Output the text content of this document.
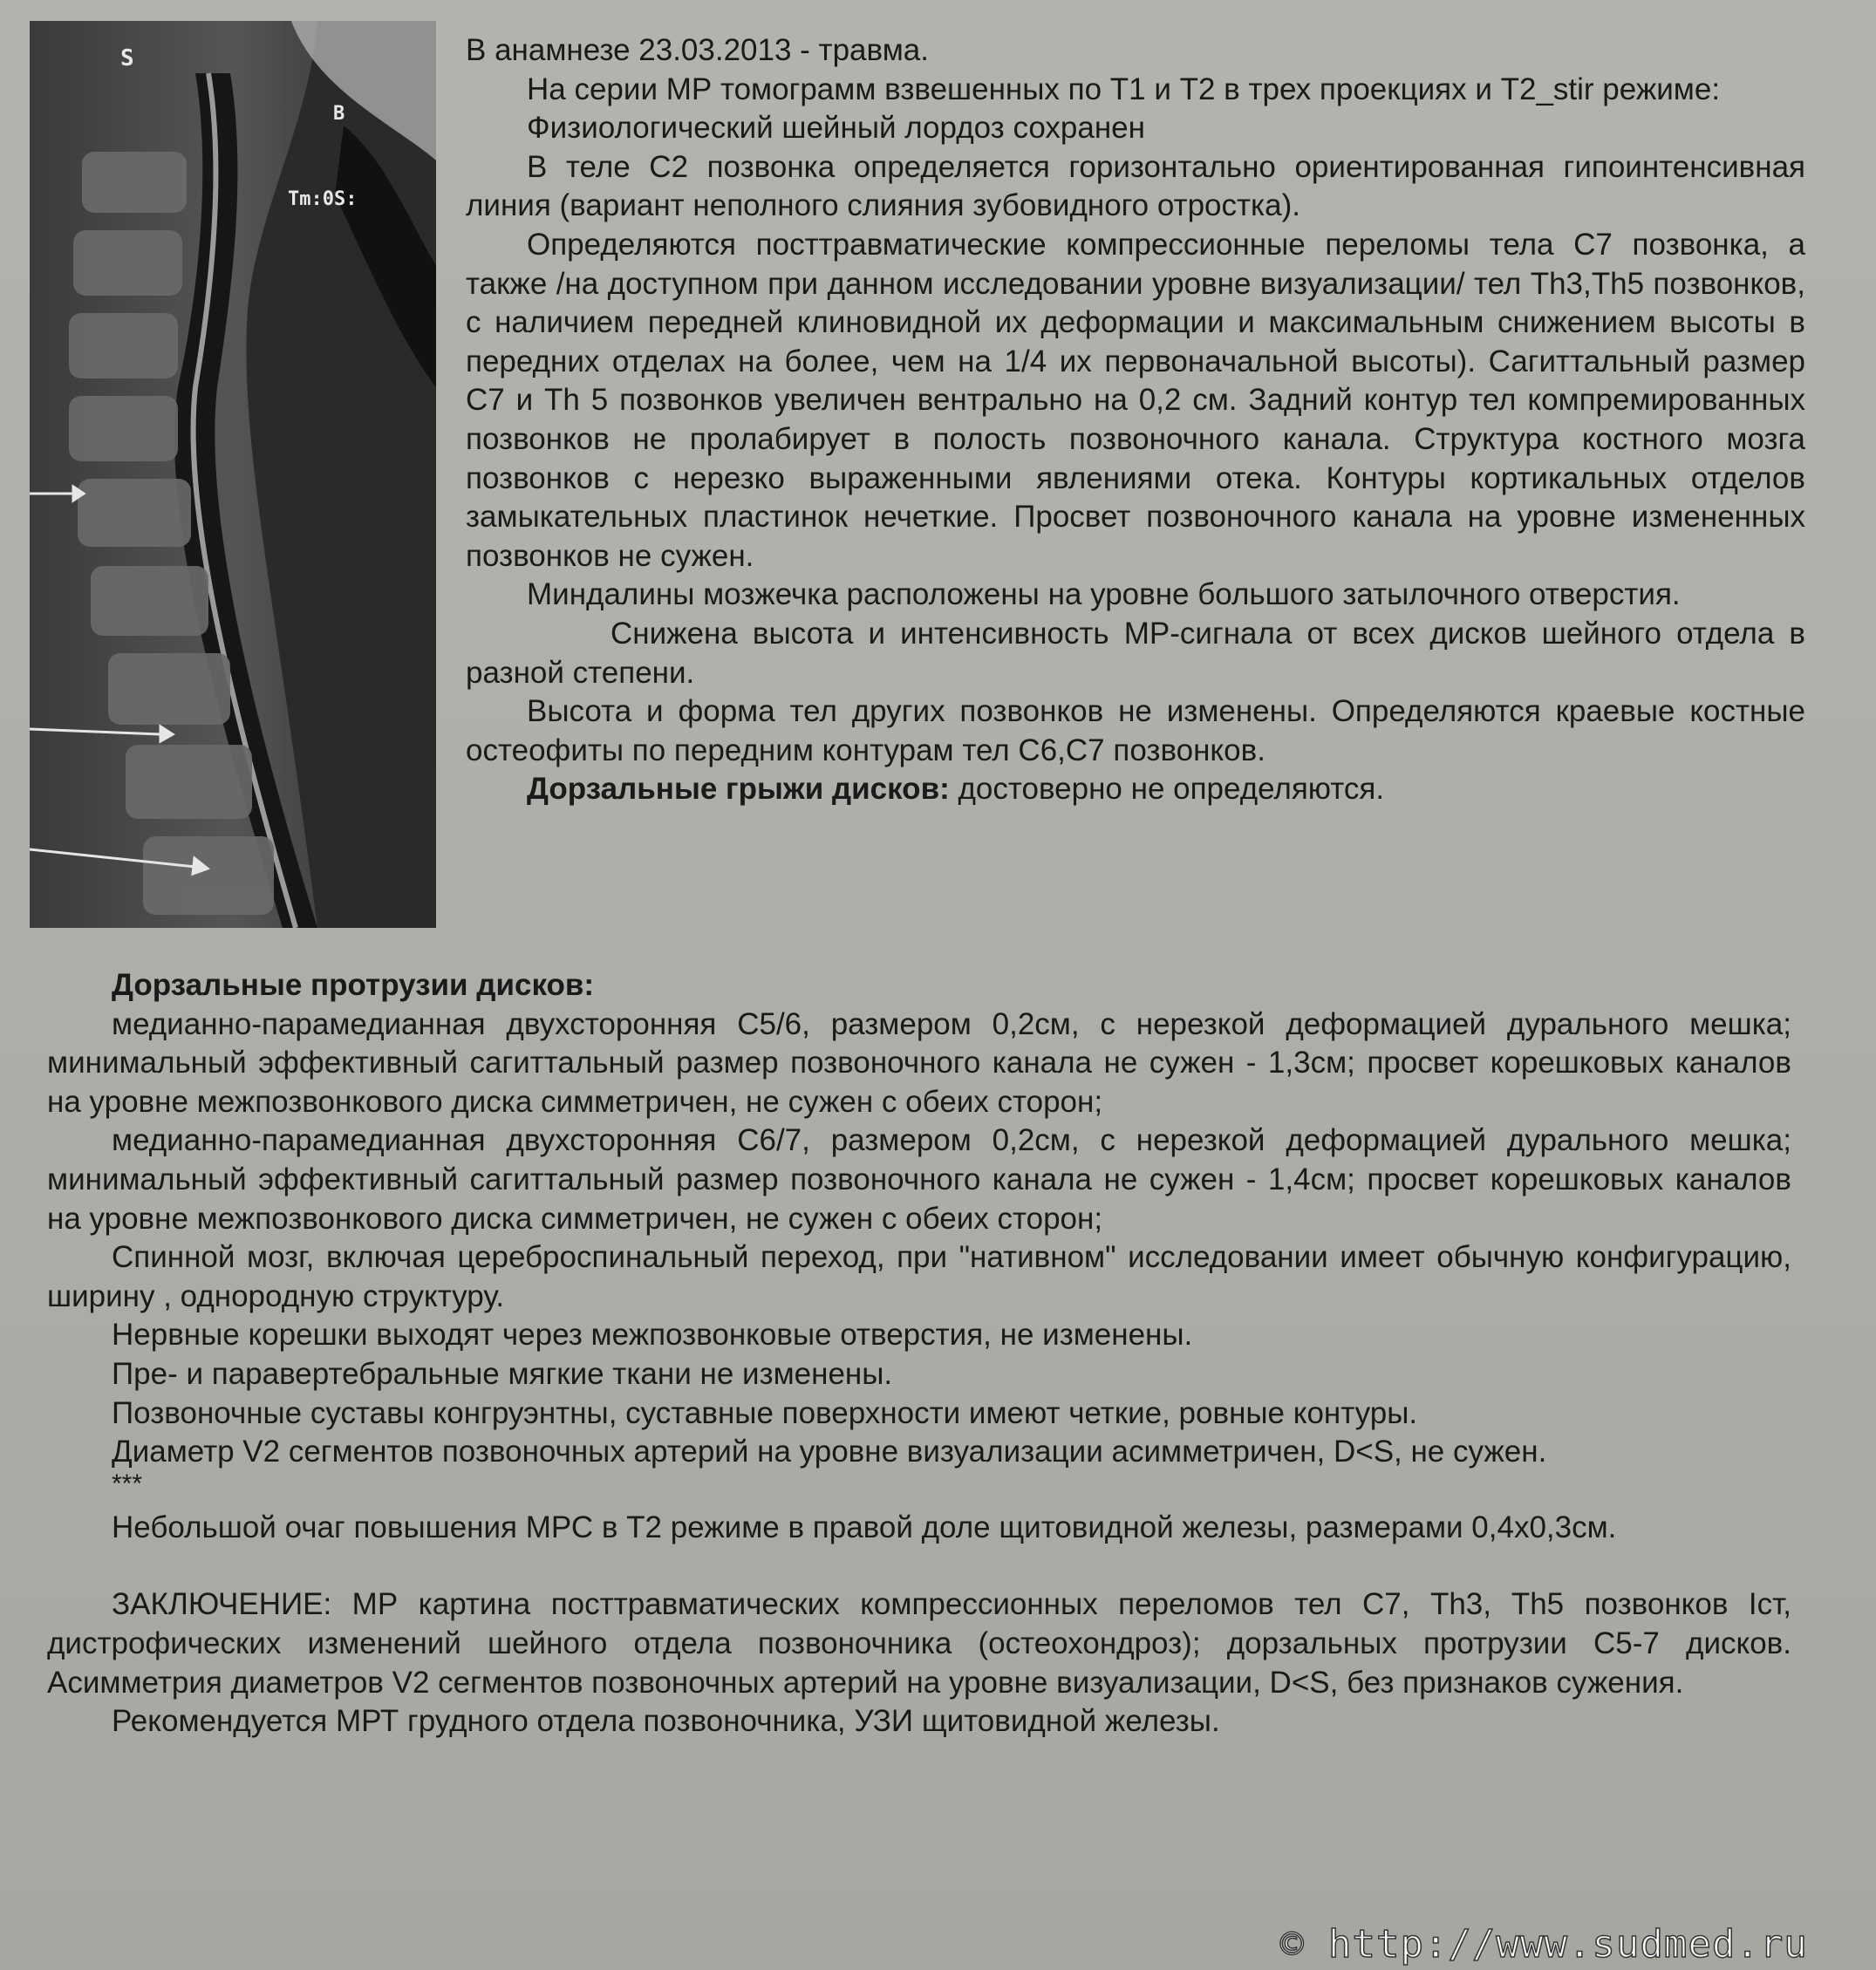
S
B
Tm:0S:

В анамнезе 23.03.2013 - травма.

На серии МР томограмм взвешенных по Т1 и Т2 в трех проекциях и Т2_stir режиме:

Физиологический шейный лордоз сохранен

В теле С2 позвонка определяется горизонтально ориентированная гипоинтенсивная линия (вариант неполного слияния зубовидного отростка).

Определяются посттравматические компрессионные переломы тела С7 позвонка, а также /на доступном при данном исследовании уровне визуализации/ тел Th3,Th5 позвонков, с наличием передней клиновидной их деформации и максимальным снижением высоты в передних отделах на более, чем на 1/4 их первоначальной высоты). Сагиттальный размер С7 и Th 5 позвонков увеличен вентрально на 0,2 см. Задний контур тел компремированных позвонков не пролабирует в полость позвоночного канала. Структура костного мозга позвонков с нерезко выраженными явлениями отека. Контуры кортикальных отделов замыкательных пластинок нечеткие. Просвет позвоночного канала на уровне измененных позвонков не сужен.

Миндалины мозжечка расположены на уровне большого затылочного отверстия.

Снижена высота и интенсивность МР-сигнала от всех дисков шейного отдела в разной степени.

Высота и форма тел других позвонков не изменены. Определяются краевые костные остеофиты по передним контурам тел С6,С7 позвонков.

Дорзальные грыжи дисков: достоверно не определяются.

Дорзальные протрузии дисков:

медианно-парамедианная двухсторонняя С5/6, размером 0,2см, с нерезкой деформацией дурального мешка; минимальный эффективный сагиттальный размер позвоночного канала не сужен - 1,3см; просвет корешковых каналов на уровне межпозвонкового диска симметричен, не сужен с обеих сторон;

медианно-парамедианная двухсторонняя С6/7, размером 0,2см, с нерезкой деформацией дурального мешка; минимальный эффективный сагиттальный размер позвоночного канала не сужен - 1,4см; просвет корешковых каналов на уровне межпозвонкового диска симметричен, не сужен с обеих сторон;

Спинной мозг, включая цереброспинальный переход, при "нативном" исследовании имеет обычную конфигурацию, ширину , однородную структуру.

Нервные корешки выходят через межпозвонковые отверстия, не изменены.

Пре- и паравертебральные мягкие ткани не изменены.

Позвоночные суставы конгруэнтны, суставные поверхности имеют четкие, ровные контуры.

Диаметр V2 сегментов позвоночных артерий на уровне визуализации асимметричен, D<S, не сужен.

***

Небольшой очаг повышения МРС в Т2 режиме в правой доле щитовидной железы, размерами 0,4x0,3см.

ЗАКЛЮЧЕНИЕ: МР картина посттравматических компрессионных переломов тел С7, Th3, Th5 позвонков Iст, дистрофических изменений шейного отдела позвоночника (остеохондроз); дорзальных протрузии С5-7 дисков. Асимметрия диаметров V2 сегментов позвоночных артерий на уровне визуализации, D<S, без признаков сужения.

Рекомендуется МРТ грудного отдела позвоночника, УЗИ щитовидной железы.

© http://www.sudmed.ru
